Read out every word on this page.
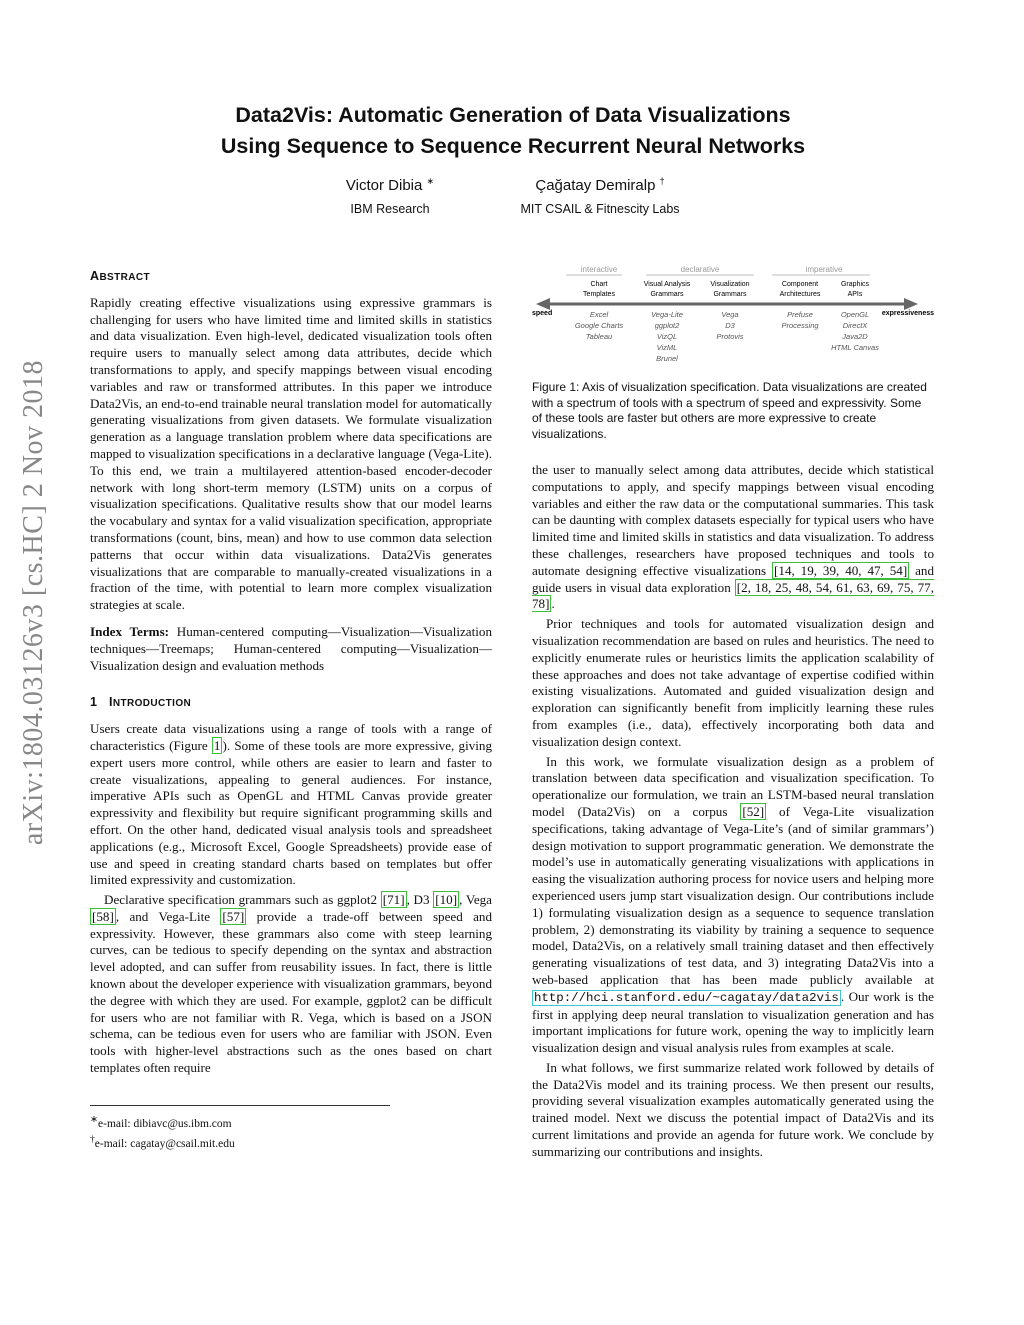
arXiv:1804.03126v3 [cs.HC] 2 Nov 2018
Data2Vis: Automatic Generation of Data Visualizations
Using Sequence to Sequence Recurrent Neural Networks
Victor Dibia ∗
IBM Research
Çağatay Demiralp †
MIT CSAIL & Fitnescity Labs
ABSTRACT

Rapidly creating effective visualizations using expressive grammars is challenging for users who have limited time and limited skills in statistics and data visualization. Even high-level, dedicated visualization tools often require users to manually select among data attributes, decide which transformations to apply, and specify mappings between visual encoding variables and raw or transformed attributes. In this paper we introduce Data2Vis, an end-to-end trainable neural translation model for automatically generating visualizations from given datasets. We formulate visualization generation as a language translation problem where data specifications are mapped to visualization specifications in a declarative language (Vega-Lite). To this end, we train a multilayered attention-based encoder-decoder network with long short-term memory (LSTM) units on a corpus of visualization specifications. Qualitative results show that our model learns the vocabulary and syntax for a valid visualization specification, appropriate transformations (count, bins, mean) and how to use common data selection patterns that occur within data visualizations. Data2Vis generates visualizations that are comparable to manually-created visualizations in a fraction of the time, with potential to learn more complex visualization strategies at scale.

Index Terms: Human-centered computing—Visualization—Visualization techniques—Treemaps; Human-centered computing—Visualization—Visualization design and evaluation methods

1 INTRODUCTION

Users create data visualizations using a range of tools with a range of characteristics (Figure 1 ). Some of these tools are more expressive, giving expert users more control, while others are easier to learn and faster to create visualizations, appealing to general audiences. For instance, imperative APIs such as OpenGL and HTML Canvas provide greater expressivity and flexibility but require significant programming skills and effort. On the other hand, dedicated visual analysis tools and spreadsheet applications (e.g., Microsoft Excel, Google Spreadsheets) provide ease of use and speed in creating standard charts based on templates but offer limited expressivity and customization.

Declarative specification grammars such as ggplot2 [71] , D3 [10] , Vega [58] , and Vega-Lite [57] provide a trade-off between speed and expressivity. However, these grammars also come with steep learning curves, can be tedious to specify depending on the syntax and abstraction level adopted, and can suffer from reusability issues. In fact, there is little known about the developer experience with visualization grammars, beyond the degree with which they are used. For example, ggplot2 can be difficult for users who are not familiar with R. Vega, which is based on a JSON schema, can be tedious even for users who are familiar with JSON. Even tools with higher-level abstractions such as the ones based on chart templates often require

∗e-mail: dibiavc@us.ibm.com
†e-mail: cagatay@csail.mit.edu
interactive	declarative	imperative
speed	expressiveness
Chart
Templates
Excel
Google Charts
Tableau
Visual Analysis
Grammars
Vega-Lite
ggplot2
VizQL
VizML
Brunel
Visualization
Grammars
Vega
D3
Protovis
Component
Architectures
Prefuse
Processing
Graphics
APIs
OpenGL
DirectX
Java2D
HTML Canvas
Figure 1: Axis of visualization specification. Data visualizations are created with a spectrum of tools with a spectrum of speed and expressivity. Some of these tools are faster but others are more expressive to create visualizations.

the user to manually select among data attributes, decide which statistical computations to apply, and specify mappings between visual encoding variables and either the raw data or the computational summaries. This task can be daunting with complex datasets especially for typical users who have limited time and limited skills in statistics and data visualization. To address these challenges, researchers have proposed techniques and tools to automate designing effective visualizations [14, 19, 39, 40, 47, 54] and guide users in visual data exploration [2, 18, 25, 48, 54, 61, 63, 69, 75, 77, 78] .

Prior techniques and tools for automated visualization design and visualization recommendation are based on rules and heuristics. The need to explicitly enumerate rules or heuristics limits the application scalability of these approaches and does not take advantage of expertise codified within existing visualizations. Automated and guided visualization design and exploration can significantly benefit from implicitly learning these rules from examples (i.e., data), effectively incorporating both data and visualization design context.

In this work, we formulate visualization design as a problem of translation between data specification and visualization specification. To operationalize our formulation, we train an LSTM-based neural translation model (Data2Vis) on a corpus [52] of Vega-Lite visualization specifications, taking advantage of Vega-Lite’s (and of similar grammars’) design motivation to support programmatic generation. We demonstrate the model’s use in automatically generating visualizations with applications in easing the visualization authoring process for novice users and helping more experienced users jump start visualization design. Our contributions include 1) formulating visualization design as a sequence to sequence translation problem, 2) demonstrating its viability by training a sequence to sequence model, Data2Vis, on a relatively small training dataset and then effectively generating visualizations of test data, and 3) integrating Data2Vis into a web-based application that has been made publicly available at http://hci.stanford.edu/~cagatay/data2vis . Our work is the first in applying deep neural translation to visualization generation and has important implications for future work, opening the way to implicitly learn visualization design and visual analysis rules from examples at scale.

In what follows, we first summarize related work followed by details of the Data2Vis model and its training process. We then present our results, providing several visualization examples automatically generated using the trained model. Next we discuss the potential impact of Data2Vis and its current limitations and provide an agenda for future work. We conclude by summarizing our contributions and insights.
